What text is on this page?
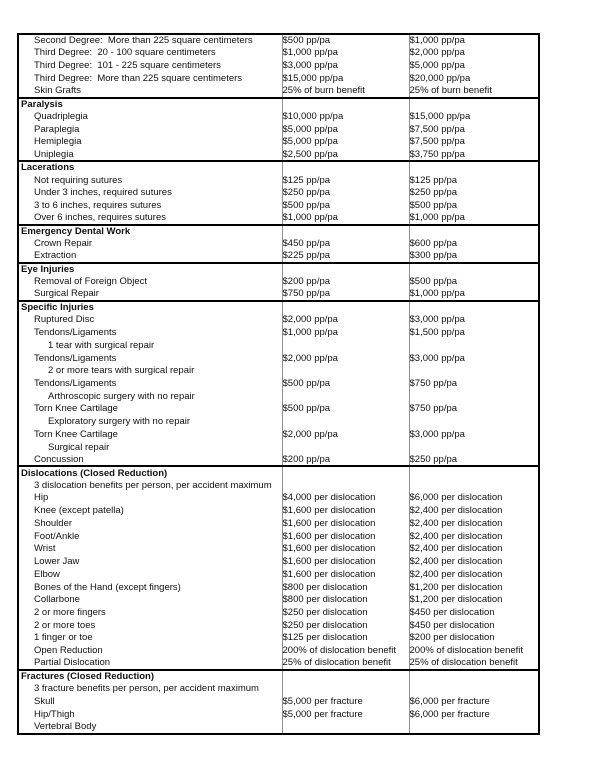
Second Degree:  More than 225 square centimeters	$500 pp/pa	$1,000 pp/pa
Third Degree:  20 - 100 square centimeters	$1,000 pp/pa	$2,000 pp/pa
Third Degree:  101 - 225 square centimeters	$3,000 pp/pa	$5,000 pp/pa
Third Degree:  More than 225 square centimeters	$15,000 pp/pa	$20,000 pp/pa
Skin Grafts	25% of burn benefit	25% of burn benefit
Paralysis		
Quadriplegia	$10,000 pp/pa	$15,000 pp/pa
Paraplegia	$5,000 pp/pa	$7,500 pp/pa
Hemiplegia	$5,000 pp/pa	$7,500 pp/pa
Uniplegia	$2,500 pp/pa	$3,750 pp/pa
Lacerations		
Not requiring sutures	$125 pp/pa	$125 pp/pa
Under 3 inches, required sutures	$250 pp/pa	$250 pp/pa
3 to 6 inches, requires sutures	$500 pp/pa	$500 pp/pa
Over 6 inches, requires sutures	$1,000 pp/pa	$1,000 pp/pa
Emergency Dental Work		
Crown Repair	$450 pp/pa	$600 pp/pa
Extraction	$225 pp/pa	$300 pp/pa
Eye Injuries		
Removal of Foreign Object	$200 pp/pa	$500 pp/pa
Surgical Repair	$750 pp/pa	$1,000 pp/pa
Specific Injuries		
Ruptured Disc	$2,000 pp/pa	$3,000 pp/pa
Tendons/Ligaments	$1,000 pp/pa	$1,500 pp/pa
1 tear with surgical repair		
Tendons/Ligaments	$2,000 pp/pa	$3,000 pp/pa
2 or more tears with surgical repair		
Tendons/Ligaments	$500 pp/pa	$750 pp/pa
Arthroscopic surgery with no repair		
Torn Knee Cartilage	$500 pp/pa	$750 pp/pa
Exploratory surgery with no repair		
Torn Knee Cartilage	$2,000 pp/pa	$3,000 pp/pa
Surgical repair		
Concussion	$200 pp/pa	$250 pp/pa
Dislocations (Closed Reduction)		
3 dislocation benefits per person, per accident maximum		
Hip	$4,000 per dislocation	$6,000 per dislocation
Knee (except patella)	$1,600 per dislocation	$2,400 per dislocation
Shoulder	$1,600 per dislocation	$2,400 per dislocation
Foot/Ankle	$1,600 per dislocation	$2,400 per dislocation
Wrist	$1,600 per dislocation	$2,400 per dislocation
Lower Jaw	$1,600 per dislocation	$2,400 per dislocation
Elbow	$1,600 per dislocation	$2,400 per dislocation
Bones of the Hand (except fingers)	$800 per dislocation	$1,200 per dislocation
Collarbone	$800 per dislocation	$1,200 per dislocation
2 or more fingers	$250 per dislocation	$450 per dislocation
2 or more toes	$250 per dislocation	$450 per dislocation
1 finger or toe	$125 per dislocation	$200 per dislocation
Open Reduction	200% of dislocation benefit	200% of dislocation benefit
Partial Dislocation	25% of dislocation benefit	25% of dislocation benefit
Fractures (Closed Reduction)		
3 fracture benefits per person, per accident maximum		
Skull	$5,000 per fracture	$6,000 per fracture
Hip/Thigh	$5,000 per fracture	$6,000 per fracture
Vertebral Body		
